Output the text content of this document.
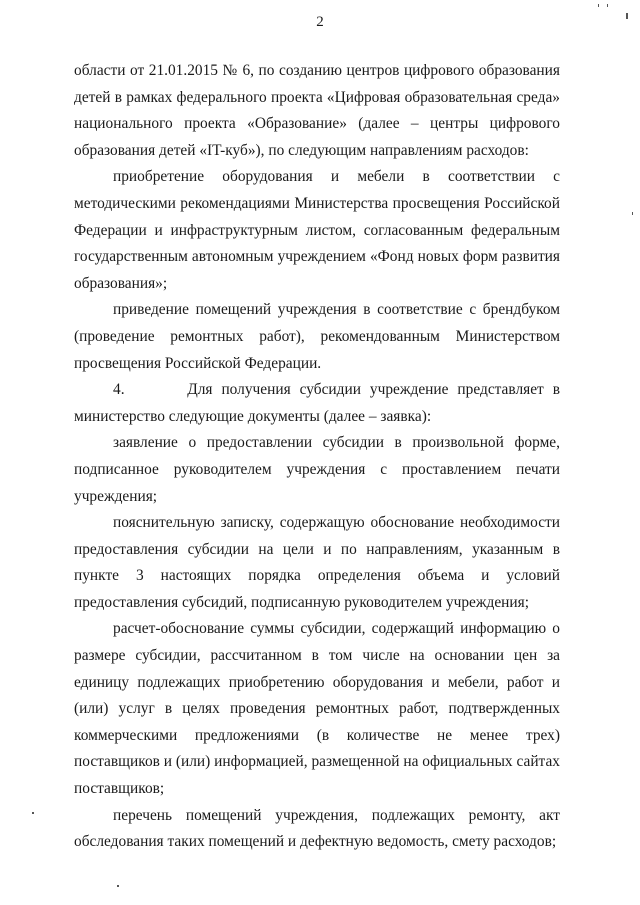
2

области от 21.01.2015 № 6, по созданию центров цифрового образования детей в рамках федерального проекта «Цифровая образовательная среда» национального проекта «Образование» (далее – центры цифрового образования детей «IT-куб»), по следующим направлениям расходов:

приобретение оборудования и мебели в соответствии с методическими рекомендациями Министерства просвещения Российской Федерации и инфраструктурным листом, согласованным федеральным государственным автономным учреждением «Фонд новых форм развития образования»;

приведение помещений учреждения в соответствие с брендбуком (проведение ремонтных работ), рекомендованным Министерством просвещения Российской Федерации.

4.       Для получения субсидии учреждение представляет в министерство следующие документы (далее – заявка):

заявление о предоставлении субсидии в произвольной форме, подписанное руководителем учреждения с проставлением печати учреждения;

пояснительную записку, содержащую обоснование необходимости предоставления субсидии на цели и по направлениям, указанным в пункте 3 настоящих порядка определения объема и условий предоставления субсидий, подписанную руководителем учреждения;

расчет-обоснование суммы субсидии, содержащий информацию о размере субсидии, рассчитанном в том числе на основании цен за единицу подлежащих приобретению оборудования и мебели, работ и (или) услуг в целях проведения ремонтных работ, подтвержденных коммерческими предложениями (в количестве не менее трех) поставщиков и (или) информацией, размещенной на официальных сайтах поставщиков;

перечень помещений учреждения, подлежащих ремонту, акт обследования таких помещений и дефектную ведомость, смету расходов;
